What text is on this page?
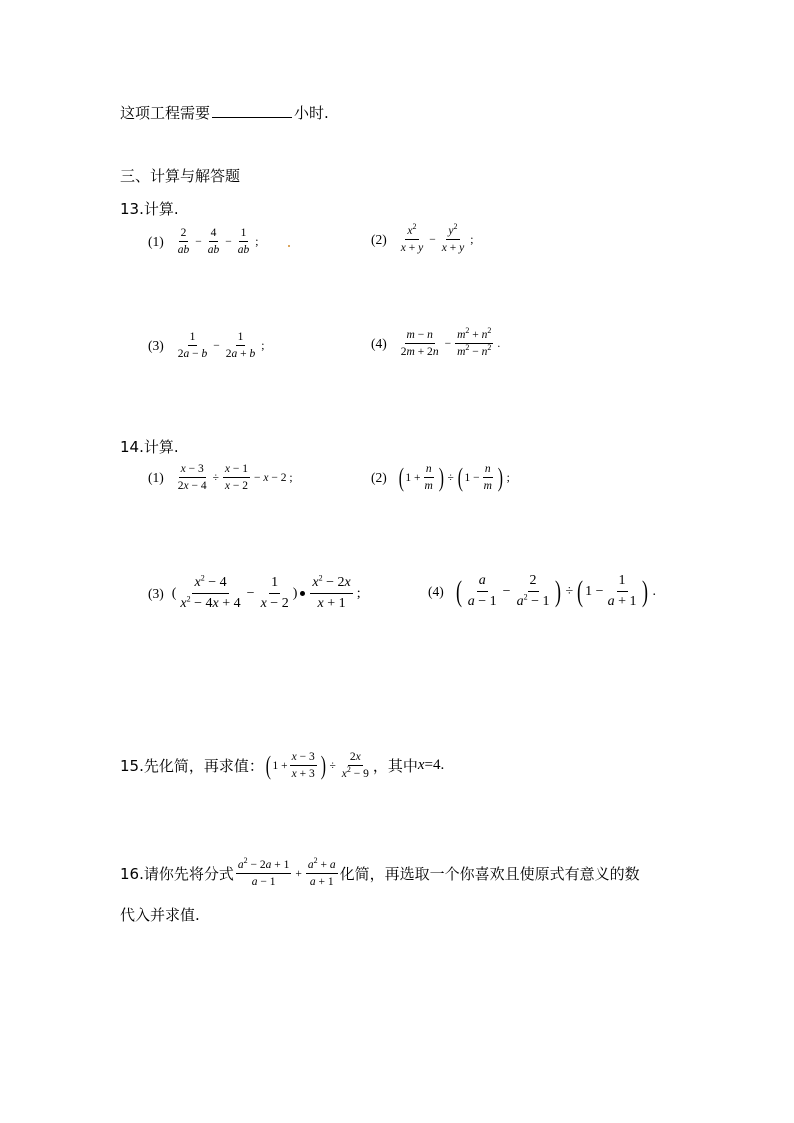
这项工程需要	小时.
三、计算与解答题
13.计算.
$(1) \frac{2}{ab} - \frac{4}{ab} - \frac{1}{ab}$ ;	$(2) \frac{x^2}{x + y} - \frac{y^2}{x + y}$ ;
$(3) \frac{1}{2a - b} - \frac{1}{2a + b}$ ;	$(4) \frac{m - n}{2m + 2n} - \frac{m^2 + n^2}{m^2 - n^2}$ .
14.计算.
$(1) \frac{x - 3}{2x - 4} \div \frac{x - 1}{x - 2} - x - 2$ ;	(2) ( $1 + \frac{n}{m}$ ) ÷ ( $1 - \frac{n}{m}$ ) ;
(3) ( $\frac{x^2 - 4}{x^2 - 4x + 4} - \frac{1}{x - 2}$ ) $\frac{x^2 - 2x}{x + 1}$ ;	(4) ( $\frac{a}{a - 1} - \frac{2}{a^2 - 1}$ ) ÷ ( $1 - \frac{1}{a + 1}$ ) .
15.先化简，再求值： ( $1 + \frac{x - 3}{x + 3}$ ) ÷ $\frac{2x}{x^2 - 9}$ ，其中 x=4.
16.请你先将分式 $\frac{a^2 - 2a + 1}{a - 1} + \frac{a^2 + a}{a + 1}$ 化简，再选取一个你喜欢且使原式有意义的数
代入并求值.
